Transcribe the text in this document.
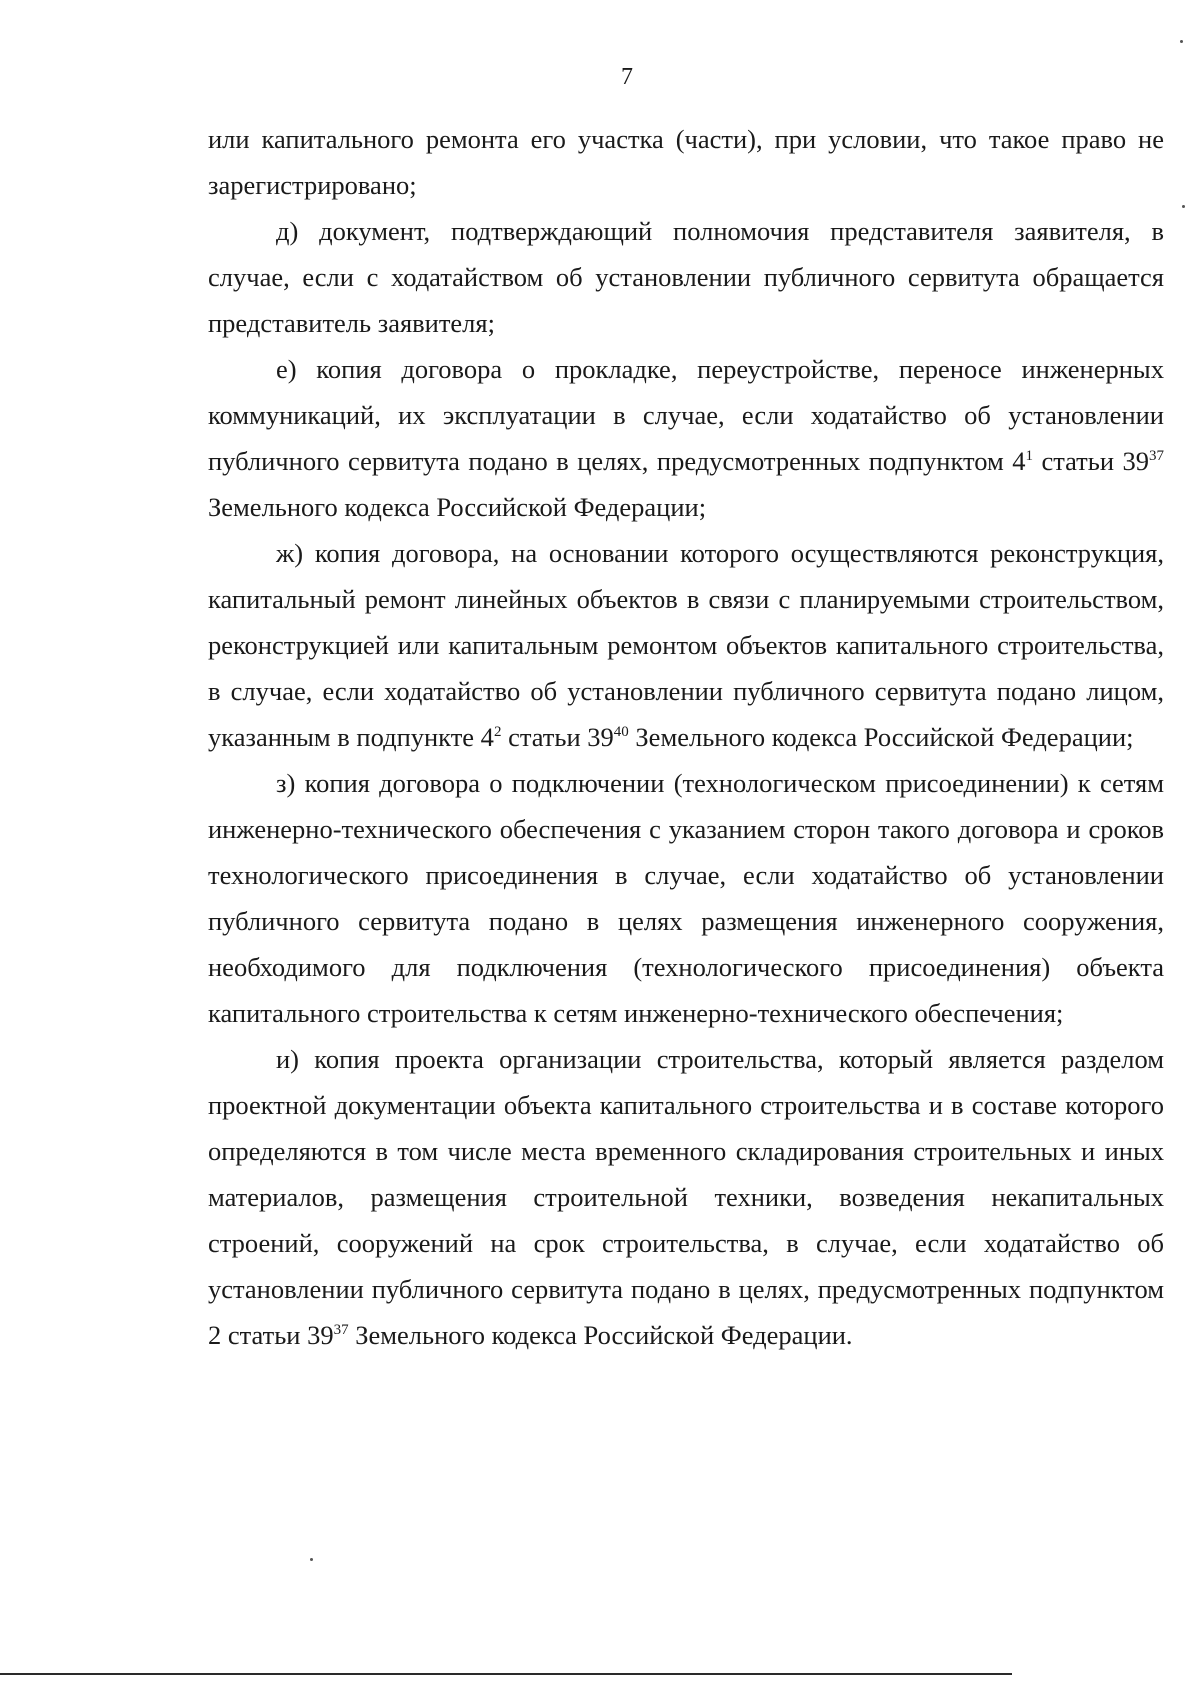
7

или капитального ремонта его участка (части), при условии, что такое право не зарегистрировано;

д) документ, подтверждающий полномочия представителя заявителя, в случае, если с ходатайством об установлении публичного сервитута обращается представитель заявителя;

е) копия договора о прокладке, переустройстве, переносе инженерных коммуникаций, их эксплуатации в случае, если ходатайство об установлении публичного сервитута подано в целях, предусмотренных подпунктом $4^1$ статьи $39^{37}$ Земельного кодекса Российской Федерации;

ж) копия договора, на основании которого осуществляются реконструкция, капитальный ремонт линейных объектов в связи с планируемыми строительством, реконструкцией или капитальным ремонтом объектов капитального строительства, в случае, если ходатайство об установлении публичного сервитута подано лицом, указанным в подпункте $4^2$ статьи $39^{40}$ Земельного кодекса Российской Федерации;

з) копия договора о подключении (технологическом присоединении) к сетям инженерно-технического обеспечения с указанием сторон такого договора и сроков технологического присоединения в случае, если ходатайство об установлении публичного сервитута подано в целях размещения инженерного сооружения, необходимого для подключения (технологического присоединения) объекта капитального строительства к сетям инженерно-технического обеспечения;

и) копия проекта организации строительства, который является разделом проектной документации объекта капитального строительства и в составе которого определяются в том числе места временного складирования строительных и иных материалов, размещения строительной техники, возведения некапитальных строений, сооружений на срок строительства, в случае, если ходатайство об установлении публичного сервитута подано в целях, предусмотренных подпунктом 2 статьи $39^{37}$ Земельного кодекса Российской Федерации.
